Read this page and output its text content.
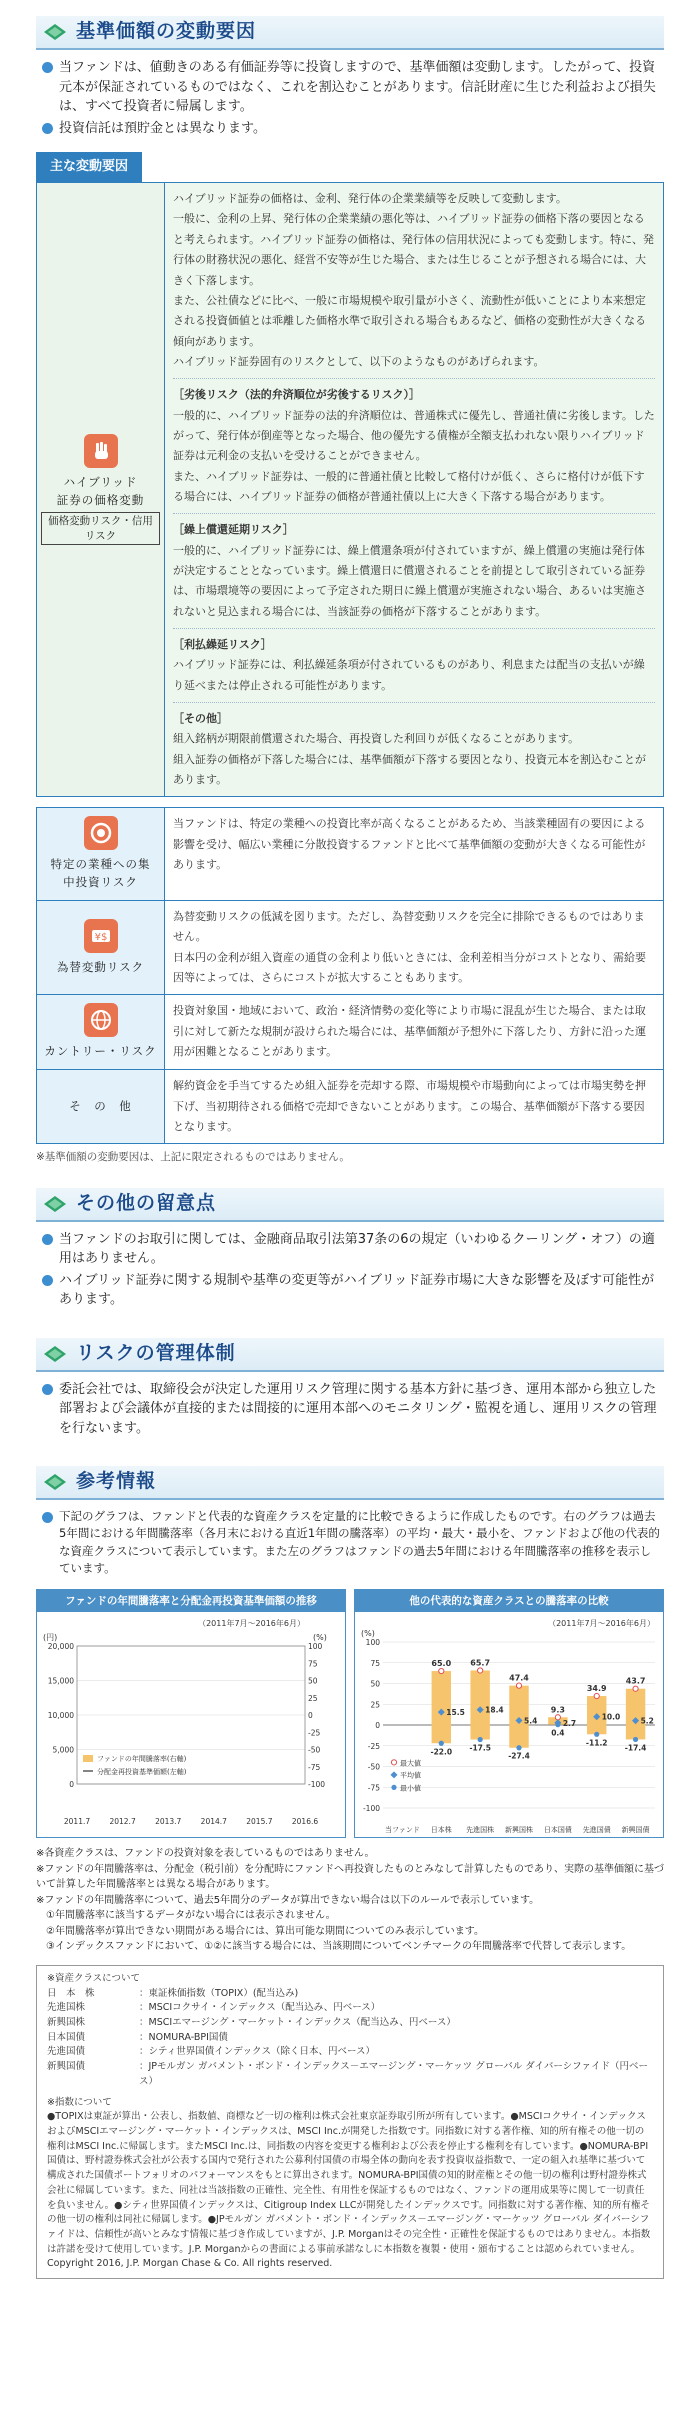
基準価額の変動要因
当ファンドは、値動きのある有価証券等に投資しますので、基準価額は変動します。したがって、投資元本が保証されているものではなく、これを割込むことがあります。信託財産に生じた利益および損失は、すべて投資者に帰属します。
投資信託は預貯金とは異なります。
主な変動要因
ハイブリッド
証券の価格変動
価格変動リスク・信用リスク
ハイブリッド証券の価格は、金利、発行体の企業業績等を反映して変動します。
一般に、金利の上昇、発行体の企業業績の悪化等は、ハイブリッド証券の価格下落の要因となると考えられます。ハイブリッド証券の価格は、発行体の信用状況によっても変動します。特に、発行体の財務状況の悪化、経営不安等が生じた場合、または生じることが予想される場合には、大きく下落します。
また、公社債などに比べ、一般に市場規模や取引量が小さく、流動性が低いことにより本来想定される投資価値とは乖離した価格水準で取引される場合もあるなど、価格の変動性が大きくなる傾向があります。
ハイブリッド証券固有のリスクとして、以下のようなものがあげられます。
［劣後リスク（法的弁済順位が劣後するリスク）］
一般的に、ハイブリッド証券の法的弁済順位は、普通株式に優先し、普通社債に劣後します。したがって、発行体が倒産等となった場合、他の優先する債権が全額支払われない限りハイブリッド証券は元利金の支払いを受けることができません。
また、ハイブリッド証券は、一般的に普通社債と比較して格付けが低く、さらに格付けが低下する場合には、ハイブリッド証券の価格が普通社債以上に大きく下落する場合があります。
［繰上償還延期リスク］
一般的に、ハイブリッド証券には、繰上償還条項が付されていますが、繰上償還の実施は発行体が決定することとなっています。繰上償還日に償還されることを前提として取引されている証券は、市場環境等の要因によって予定された期日に繰上償還が実施されない場合、あるいは実施されないと見込まれる場合には、当該証券の価格が下落することがあります。
［利払繰延リスク］
ハイブリッド証券には、利払繰延条項が付されているものがあり、利息または配当の支払いが繰り延べまたは停止される可能性があります。
［その他］
組入銘柄が期限前償還された場合、再投資した利回りが低くなることがあります。
組入証券の価格が下落した場合には、基準価額が下落する要因となり、投資元本を割込むことがあります。
特定の業種への集中投資リスク
当ファンドは、特定の業種への投資比率が高くなることがあるため、当該業種固有の要因による影響を受け、幅広い業種に分散投資するファンドと比べて基準価額の変動が大きくなる可能性があります。
¥$
為替変動リスク
為替変動リスクの低減を図ります。ただし、為替変動リスクを完全に排除できるものではありません。
日本円の金利が組入資産の通貨の金利より低いときには、金利差相当分がコストとなり、需給要因等によっては、さらにコストが拡大することもあります。
カントリー・リスク
投資対象国・地域において、政治・経済情勢の変化等により市場に混乱が生じた場合、または取引に対して新たな規制が設けられた場合には、基準価額が予想外に下落したり、方針に沿った運用が困難となることがあります。
そ　の　他
解約資金を手当てするため組入証券を売却する際、市場規模や市場動向によっては市場実勢を押下げ、当初期待される価格で売却できないことがあります。この場合、基準価額が下落する要因となります。
※基準価額の変動要因は、上記に限定されるものではありません。
その他の留意点
当ファンドのお取引に関しては、金融商品取引法第37条の6の規定（いわゆるクーリング・オフ）の適用はありません。
ハイブリッド証券に関する規制や基準の変更等がハイブリッド証券市場に大きな影響を及ぼす可能性があります。
リスクの管理体制
委託会社では、取締役会が決定した運用リスク管理に関する基本方針に基づき、運用本部から独立した部署および会議体が直接的または間接的に運用本部へのモニタリング・監視を通し、運用リスクの管理を行ないます。
参考情報
下記のグラフは、ファンドと代表的な資産クラスを定量的に比較できるように作成したものです。右のグラフは過去5年間における年間騰落率（各月末における直近1年間の騰落率）の平均・最大・最小を、ファンドおよび他の代表的な資産クラスについて表示しています。また左のグラフはファンドの過去5年間における年間騰落率の推移を表示しています。
ファンドの年間騰落率と分配金再投資基準価額の推移
（2011年7月～2016年6月）
(円)	(%)
0
5,000
10,000
15,000
20,000
-100
-75
-50
-25
0
25
50
75
100
2011.7	2012.7	2013.7	2014.7	2015.7	2016.6
ファンドの年間騰落率(右軸)
分配金再投資基準価額(左軸)
他の代表的な資産クラスとの騰落率の比較
（2011年7月～2016年6月）
(%)
-100
-75
-50
-25
0
25
50
75
100
当ファンド 日本株
65.0
15.5
-22.0
先進国株
65.7
18.4
-17.5
新興国株
47.4
5.4
-27.4
日本国債
9.3
2.7
0.4
先進国債
34.9
10.0
-11.2
新興国債
43.7
5.2
-17.4
最大値
平均値
最小値
※各資産クラスは、ファンドの投資対象を表しているものではありません。
※ファンドの年間騰落率は、分配金（税引前）を分配時にファンドへ再投資したものとみなして計算したものであり、実際の基準価額に基づいて計算した年間騰落率とは異なる場合があります。
※ファンドの年間騰落率について、過去5年間分のデータが算出できない場合は以下のルールで表示しています。
①年間騰落率に該当するデータがない場合には表示されません。
②年間騰落率が算出できない期間がある場合には、算出可能な期間についてのみ表示しています。
③インデックスファンドにおいて、①②に該当する場合には、当該期間についてベンチマークの年間騰落率で代替して表示します。
※資産クラスについて
日　本　株	：東証株価指数（TOPIX）(配当込み)
先進国株	：MSCIコクサイ・インデックス（配当込み、円ベース）
新興国株	：MSCIエマージング・マーケット・インデックス（配当込み、円ベース）
日本国債	：NOMURA-BPI国債
先進国債	：シティ世界国債インデックス（除く日本、円ベース）
新興国債	：JPモルガン ガバメント・ボンド・インデックス－エマージング・マーケッツ グローバル ダイバーシファイド（円ベース）
※指数について
●TOPIXは東証が算出・公表し、指数値、商標など一切の権利は株式会社東京証券取引所が所有しています。●MSCIコクサイ・インデックスおよびMSCIエマージング・マーケット・インデックスは、MSCI Inc.が開発した指数です。同指数に対する著作権、知的所有権その他一切の権利はMSCI Inc.に帰属します。またMSCI Inc.は、同指数の内容を変更する権利および公表を停止する権利を有しています。●NOMURA-BPI国債は、野村證券株式会社が公表する国内で発行された公募利付国債の市場全体の動向を表す投資収益指数で、一定の組入れ基準に基づいて構成された国債ポートフォリオのパフォーマンスをもとに算出されます。NOMURA-BPI国債の知的財産権とその他一切の権利は野村證券株式会社に帰属しています。また、同社は当該指数の正確性、完全性、有用性を保証するものではなく、ファンドの運用成果等に関して一切責任を負いません。●シティ世界国債インデックスは、Citigroup Index LLCが開発したインデックスです。同指数に対する著作権、知的所有権その他一切の権利は同社に帰属します。●JPモルガン ガバメント・ボンド・インデックス－エマージング・マーケッツ グローバル ダイバーシファイドは、信頼性が高いとみなす情報に基づき作成していますが、J.P. Morganはその完全性・正確性を保証するものではありません。本指数は許諾を受けて使用しています。J.P. Morganからの書面による事前承諾なしに本指数を複製・使用・頒布することは認められていません。Copyright 2016, J.P. Morgan Chase & Co. All rights reserved.
